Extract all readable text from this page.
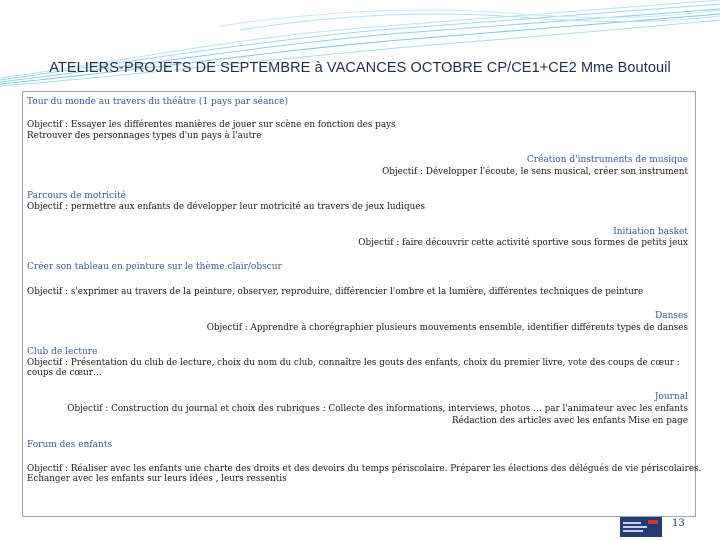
ATELIERS-PROJETS DE SEPTEMBRE à VACANCES OCTOBRE CP/CE1+CE2 Mme Boutouil
Tour du monde au travers du théâtre (1 pays par séance)
Objectif : Essayer les différentes manières de jouer sur scène en fonction des pays
Retrouver des personnages types d'un pays à l'autre
Création d'instruments de musique
Objectif : Développer l'écoute, le sens musical, créer son instrument
Parcours de motricité
Objectif : permettre aux enfants de développer leur motricité au travers de jeux ludiques
Initiation basket
Objectif : faire découvrir cette activité sportive sous formes de petits jeux
Créer son tableau en peinture sur le thème clair/obscur
Objectif : s'exprimer au travers de la peinture, observer, reproduire, différencier l'ombre et la lumière, différentes techniques de peinture
Danses
Objectif : Apprendre à chorégraphier plusieurs mouvements ensemble, identifier différents types de danses
Club de lecture
Objectif : Présentation du club de lecture, choix du nom du club, connaître les gouts des enfants, choix du premier livre, vote des coups de cœur : coups de cœur…
Journal
Objectif : Construction du journal et choix des rubriques : Collecte des informations, interviews, photos … par l'animateur avec les enfants
Rédaction des articles avec les enfants Mise en page
Forum des enfants
Objectif : Réaliser avec les enfants une charte des droits et des devoirs du temps périscolaire. Préparer les élections des délégués de vie périscolaires.
Echanger avec les enfants sur leurs idées , leurs ressentis
13
